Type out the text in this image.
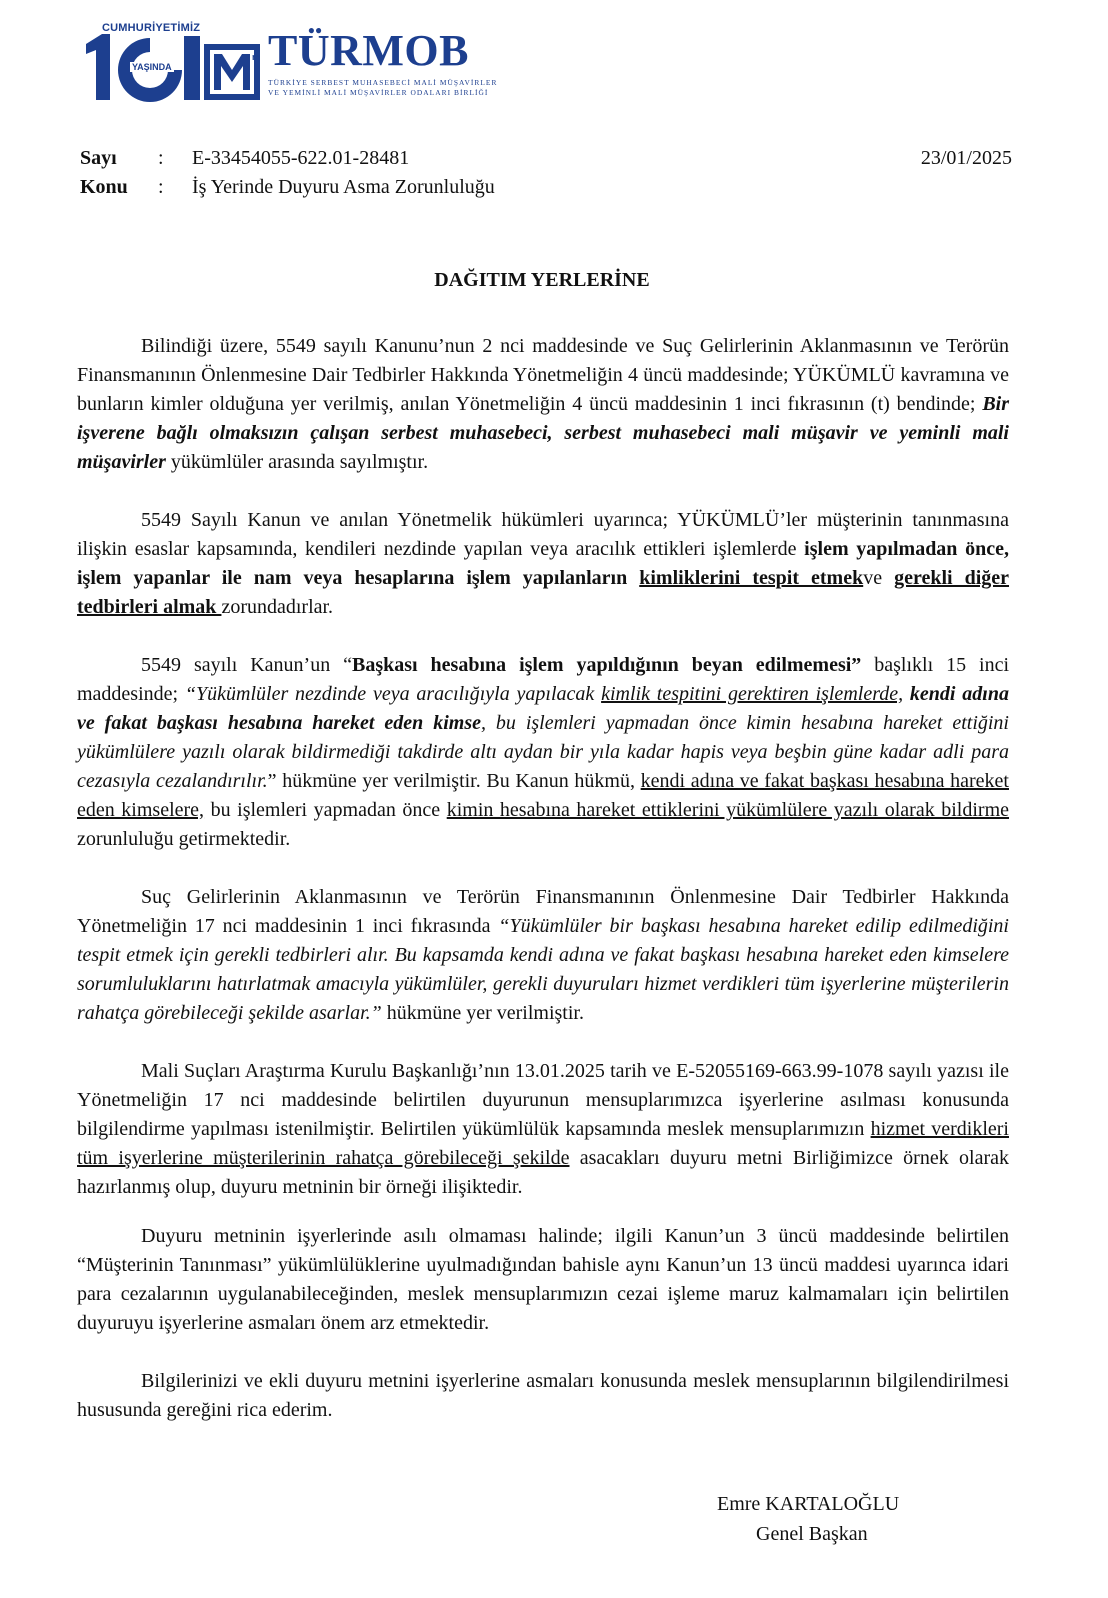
CUMHURİYETİMİZ
m
YAŞINDA TÜRMOB
TÜRKİYE SERBEST MUHASEBECİ MALİ MÜŞAVİRLER
VE YEMİNLİ MALİ MÜŞAVİRLER ODALARI BİRLİĞİ
Sayı : E-33454055-622.01-28481	23/01/2025
Konu : İş Yerinde Duyuru Asma Zorunluluğu
DAĞITIM YERLERİNE
Bilindiği üzere, 5549 sayılı Kanunu’nun 2 nci maddesinde ve Suç Gelirlerinin Aklanmasının ve Terörün Finansmanının Önlenmesine Dair Tedbirler Hakkında Yönetmeliğin 4 üncü maddesinde; YÜKÜMLÜ kavramına ve bunların kimler olduğuna yer verilmiş, anılan Yönetmeliğin 4 üncü maddesinin 1 inci fıkrasının (t) bendinde; Bir işverene bağlı olmaksızın çalışan serbest muhasebeci, serbest muhasebeci mali müşavir ve yeminli mali müşavirler yükümlüler arasında sayılmıştır.
5549 Sayılı Kanun ve anılan Yönetmelik hükümleri uyarınca; YÜKÜMLÜ’ler müşterinin tanınmasına ilişkin esaslar kapsamında, kendileri nezdinde yapılan veya aracılık ettikleri işlemlerde işlem yapılmadan önce, işlem yapanlar ile nam veya hesaplarına işlem yapılanların kimliklerini tespit etmekve gerekli diğer tedbirleri almak zorundadırlar.
5549 sayılı Kanun’un “Başkası hesabına işlem yapıldığının beyan edilmemesi” başlıklı 15 inci maddesinde; “Yükümlüler nezdinde veya aracılığıyla yapılacak kimlik tespitini gerektiren işlemlerde, kendi adına ve fakat başkası hesabına hareket eden kimse, bu işlemleri yapmadan önce kimin hesabına hareket ettiğini yükümlülere yazılı olarak bildirmediği takdirde altı aydan bir yıla kadar hapis veya beşbin güne kadar adli para cezasıyla cezalandırılır.” hükmüne yer verilmiştir. Bu Kanun hükmü, kendi adına ve fakat başkası hesabına hareket eden kimselere, bu işlemleri yapmadan önce kimin hesabına hareket ettiklerini yükümlülere yazılı olarak bildirme zorunluluğu getirmektedir.
Suç Gelirlerinin Aklanmasının ve Terörün Finansmanının Önlenmesine Dair Tedbirler Hakkında Yönetmeliğin 17 nci maddesinin 1 inci fıkrasında “Yükümlüler bir başkası hesabına hareket edilip edilmediğini tespit etmek için gerekli tedbirleri alır. Bu kapsamda kendi adına ve fakat başkası hesabına hareket eden kimselere sorumluluklarını hatırlatmak amacıyla yükümlüler, gerekli duyuruları hizmet verdikleri tüm işyerlerine müşterilerin rahatça görebileceği şekilde asarlar.” hükmüne yer verilmiştir.
Mali Suçları Araştırma Kurulu Başkanlığı’nın 13.01.2025 tarih ve E-52055169-663.99-1078 sayılı yazısı ile Yönetmeliğin 17 nci maddesinde belirtilen duyurunun mensuplarımızca işyerlerine asılması konusunda bilgilendirme yapılması istenilmiştir. Belirtilen yükümlülük kapsamında meslek mensuplarımızın hizmet verdikleri tüm işyerlerine müşterilerinin rahatça görebileceği şekilde asacakları duyuru metni Birliğimizce örnek olarak hazırlanmış olup, duyuru metninin bir örneği ilişiktedir.
Duyuru metninin işyerlerinde asılı olmaması halinde; ilgili Kanun’un 3 üncü maddesinde belirtilen “Müşterinin Tanınması” yükümlülüklerine uyulmadığından bahisle aynı Kanun’un 13 üncü maddesi uyarınca idari para cezalarının uygulanabileceğinden, meslek mensuplarımızın cezai işleme maruz kalmamaları için belirtilen duyuruyu işyerlerine asmaları önem arz etmektedir.
Bilgilerinizi ve ekli duyuru metnini işyerlerine asmaları konusunda meslek mensuplarının bilgilendirilmesi hususunda gereğini rica ederim.
Emre KARTALOĞLU
Genel Başkan
